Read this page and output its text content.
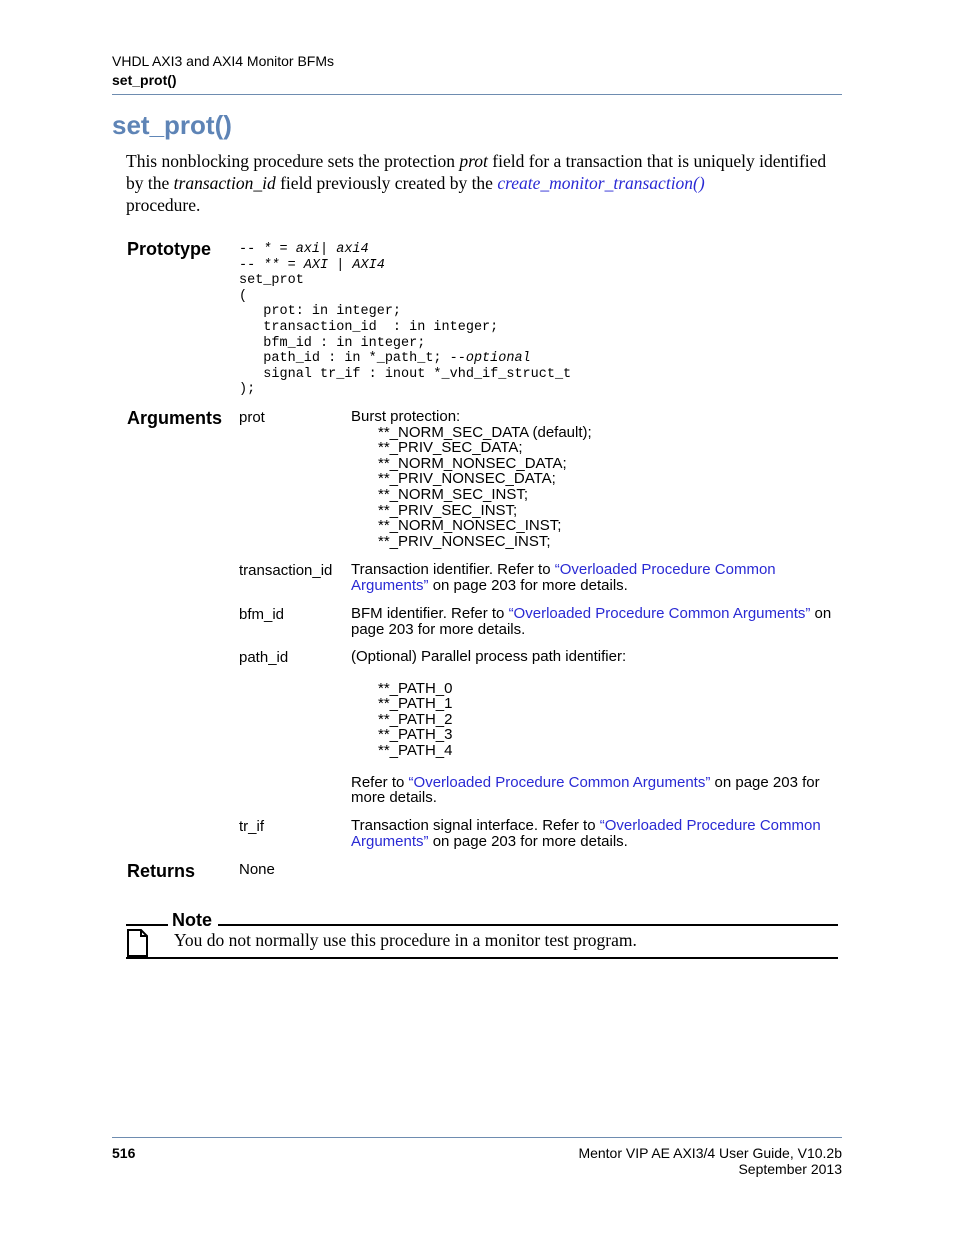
VHDL AXI3 and AXI4 Monitor BFMs
set_prot()
set_prot()
This nonblocking procedure sets the protection prot field for a transaction that is uniquely identified by the transaction_id field previously created by the create_monitor_transaction()
procedure.
Prototype -- * = axi| axi4
-- ** = AXI | AXI4
set_prot
(
prot: in integer;
transaction_id  : in integer;
bfm_id : in integer;
path_id : in *_path_t; --optional
signal tr_if : inout *_vhd_if_struct_t
);
Arguments prot	Burst protection:
**_NORM_SEC_DATA (default);
**_PRIV_SEC_DATA;
**_NORM_NONSEC_DATA;
**_PRIV_NONSEC_DATA;
**_NORM_SEC_INST;
**_PRIV_SEC_INST;
**_NORM_NONSEC_INST;
**_PRIV_NONSEC_INST;
transaction_id Transaction identifier. Refer to “Overloaded Procedure Common Arguments” on page 203 for more details.
bfm_id	BFM identifier. Refer to “Overloaded Procedure Common Arguments” on page 203 for more details.
path_id	(Optional) Parallel process path identifier:
**_PATH_0
**_PATH_1
**_PATH_2
**_PATH_3
**_PATH_4
Refer to “Overloaded Procedure Common Arguments” on page 203 for more details.
tr_if	Transaction signal interface. Refer to “Overloaded Procedure Common Arguments” on page 203 for more details.
Returns	None
Note
You do not normally use this procedure in a monitor test program.
516	Mentor VIP AE AXI3/4 User Guide, V10.2b
September 2013
